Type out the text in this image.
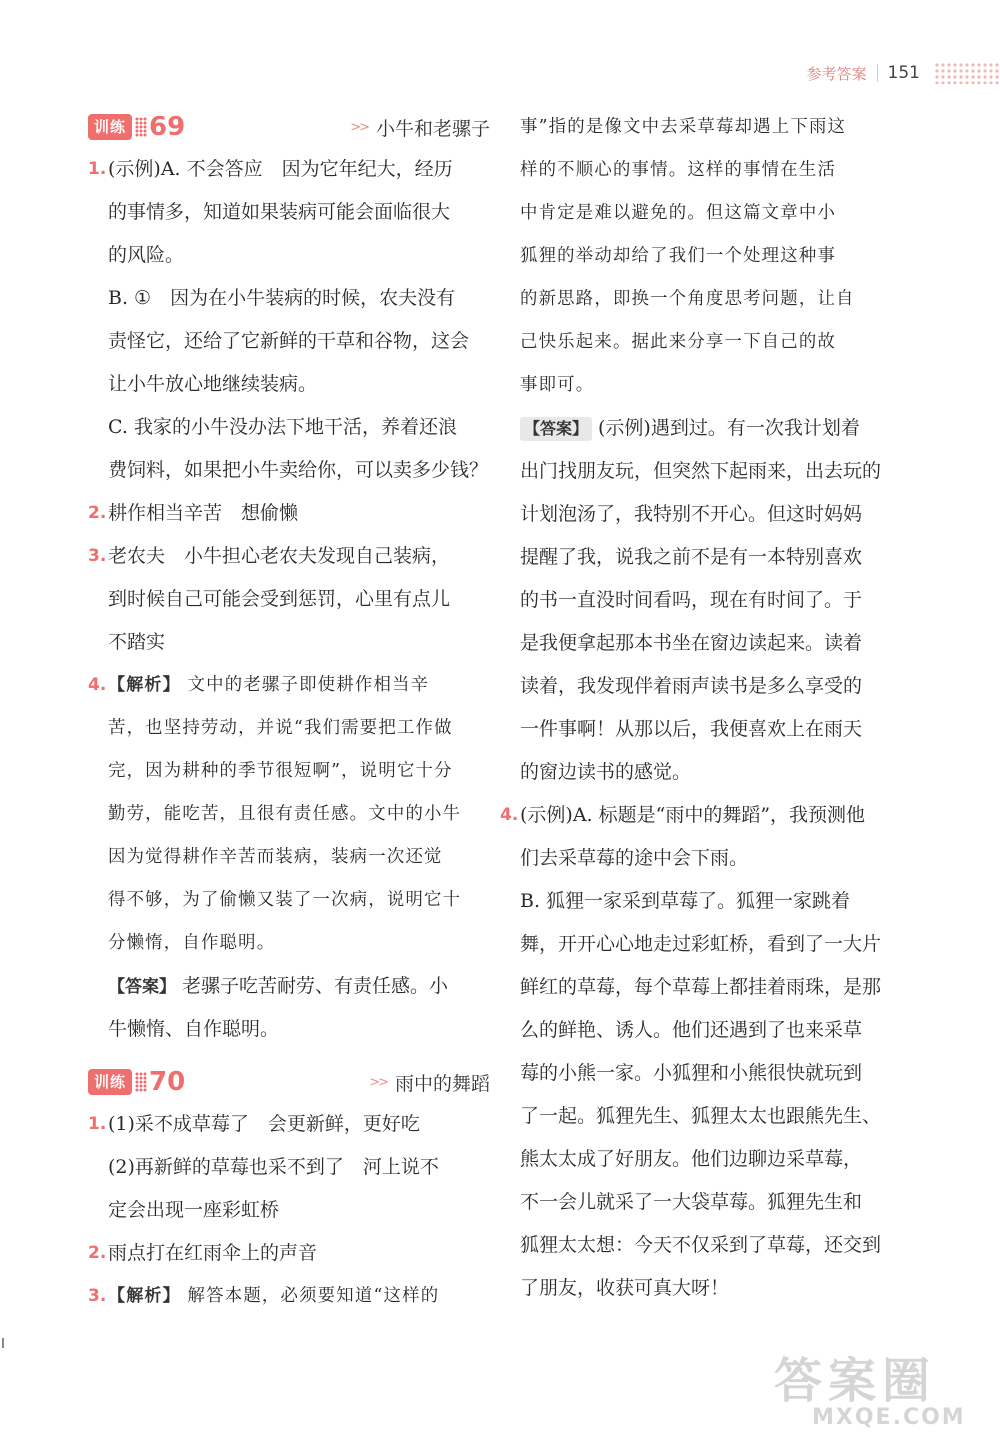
参考答案 151
训练 69	>> 小牛和老骡子
1. (示例)A. 不会答应　因为它年纪大，经历
的事情多，知道如果装病可能会面临很大
的风险。
B. ①　因为在小牛装病的时候，农夫没有
责怪它，还给了它新鲜的干草和谷物，这会
让小牛放心地继续装病。
C. 我家的小牛没办法下地干活，养着还浪
费饲料，如果把小牛卖给你，可以卖多少钱？
2. 耕作相当辛苦　想偷懒
3. 老农夫　小牛担心老农夫发现自己装病，
到时候自己可能会受到惩罚，心里有点儿
不踏实
4. 【解析】 文中的老骡子即使耕作相当辛
苦，也坚持劳动，并说“我们需要把工作做
完，因为耕种的季节很短啊”，说明它十分
勤劳，能吃苦，且很有责任感。文中的小牛
因为觉得耕作辛苦而装病，装病一次还觉
得不够，为了偷懒又装了一次病，说明它十
分懒惰，自作聪明。
【答案】 老骡子吃苦耐劳、有责任感。小
牛懒惰、自作聪明。
训练 70	>> 雨中的舞蹈
1. (1)采不成草莓了　会更新鲜，更好吃
(2)再新鲜的草莓也采不到了　河上说不
定会出现一座彩虹桥
2. 雨点打在红雨伞上的声音
3. 【解析】 解答本题，必须要知道“这样的
事”指的是像文中去采草莓却遇上下雨这
样的不顺心的事情。这样的事情在生活
中肯定是难以避免的。但这篇文章中小
狐狸的举动却给了我们一个处理这种事
的新思路，即换一个角度思考问题，让自
己快乐起来。据此来分享一下自己的故
事即可。
【答案】 (示例)遇到过。有一次我计划着
出门找朋友玩，但突然下起雨来，出去玩的
计划泡汤了，我特别不开心。但这时妈妈
提醒了我，说我之前不是有一本特别喜欢
的书一直没时间看吗，现在有时间了。于
是我便拿起那本书坐在窗边读起来。读着
读着，我发现伴着雨声读书是多么享受的
一件事啊！从那以后，我便喜欢上在雨天
的窗边读书的感觉。
4. (示例)A. 标题是“雨中的舞蹈”，我预测他
们去采草莓的途中会下雨。
B. 狐狸一家采到草莓了。狐狸一家跳着
舞，开开心心地走过彩虹桥，看到了一大片
鲜红的草莓，每个草莓上都挂着雨珠，是那
么的鲜艳、诱人。他们还遇到了也来采草
莓的小熊一家。小狐狸和小熊很快就玩到
了一起。狐狸先生、狐狸太太也跟熊先生、
熊太太成了好朋友。他们边聊边采草莓，
不一会儿就采了一大袋草莓。狐狸先生和
狐狸太太想：今天不仅采到了草莓，还交到
了朋友，收获可真大呀！
答案圈
MXQE.COM
